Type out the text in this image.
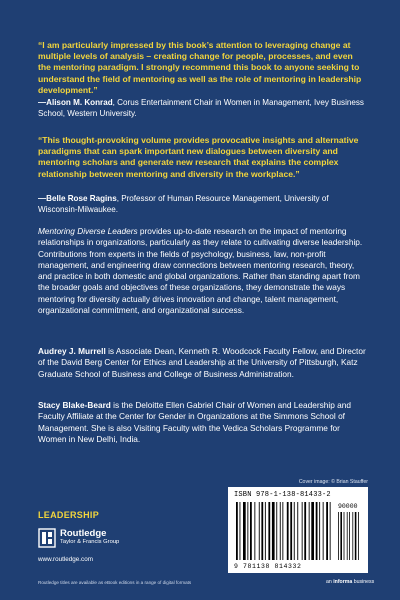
“I am particularly impressed by this book’s attention to leveraging change at multiple levels of analysis – creating change for people, processes, and even the mentoring paradigm. I strongly recommend this book to anyone seeking to understand the field of mentoring as well as the role of mentoring in leadership development.”
—Alison M. Konrad, Corus Entertainment Chair in Women in Management, Ivey Business School, Western University.
“This thought-provoking volume provides provocative insights and alternative paradigms that can spark important new dialogues between diversity and mentoring scholars and generate new research that explains the complex relationship between mentoring and diversity in the workplace.”
—Belle Rose Ragins, Professor of Human Resource Management, University of Wisconsin-Milwaukee.
Mentoring Diverse Leaders provides up-to-date research on the impact of mentoring relationships in organizations, particularly as they relate to cultivating diverse leadership. Contributions from experts in the fields of psychology, business, law, non-profit management, and engineering draw connections between mentoring research, theory, and practice in both domestic and global organizations. Rather than standing apart from the broader goals and objectives of these organizations, they demonstrate the ways mentoring for diversity actually drives innovation and change, talent management, organizational commitment, and organizational success.
Audrey J. Murrell is Associate Dean, Kenneth R. Woodcock Faculty Fellow, and Director of the David Berg Center for Ethics and Leadership at the University of Pittsburgh, Katz Graduate School of Business and College of Business Administration.
Stacy Blake-Beard is the Deloitte Ellen Gabriel Chair of Women and Leadership and Faculty Affiliate at the Center for Gender in Organizations at the Simmons School of Management. She is also Visiting Faculty with the Vedica Scholars Programme for Women in New Delhi, India.
Cover image: © Brian Stauffer
LEADERSHIP
Routledge
Taylor & Francis Group
www.routledge.com
ISBN 978-1-138-81433-2
90000
9 781138 814332
Routledge titles are available as eBook editions in a range of digital formats	an informa business
